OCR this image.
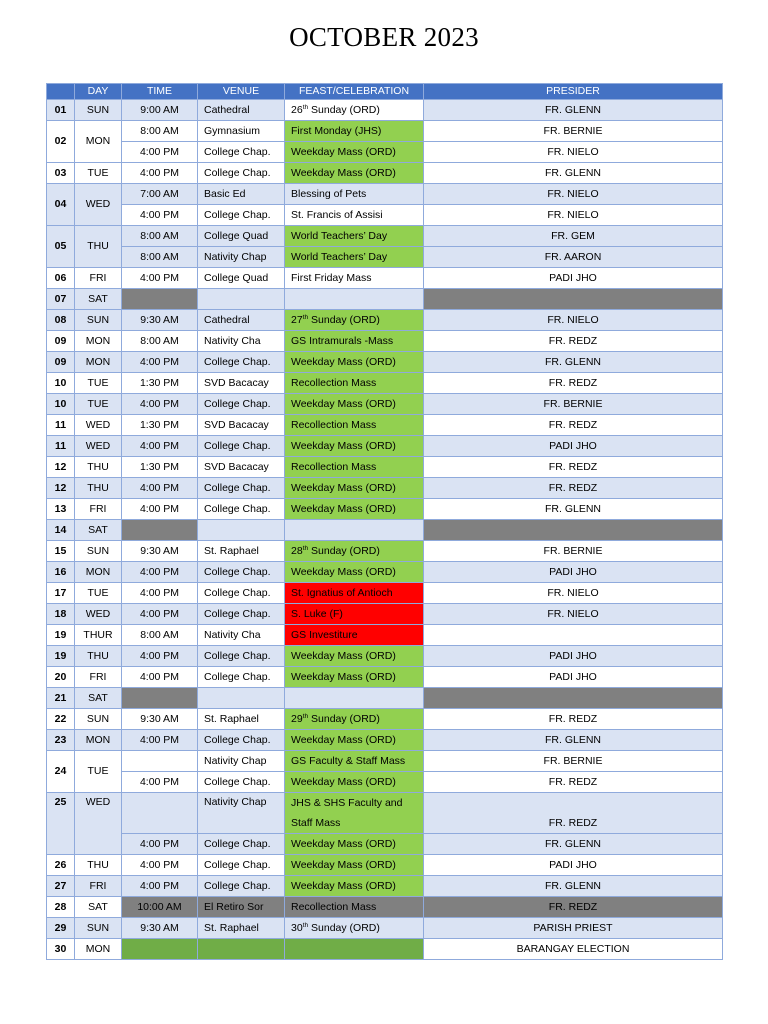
OCTOBER 2023
	DAY	TIME	VENUE	FEAST/CELEBRATION	PRESIDER
01	SUN	9:00 AM	Cathedral	26th Sunday (ORD)	FR. GLENN
02	MON	8:00 AM	Gymnasium	First Monday (JHS)	FR. BERNIE
		4:00 PM	College Chap.	Weekday Mass (ORD)	FR. NIELO
03	TUE	4:00 PM	College Chap.	Weekday Mass (ORD)	FR. GLENN
04	WED	7:00 AM	Basic Ed	Blessing of Pets	FR. NIELO
		4:00 PM	College Chap.	St. Francis of Assisi	FR. NIELO
05	THU	8:00 AM	College Quad	World Teachers’ Day	FR. GEM
		8:00 AM	Nativity Chap	World Teachers’ Day	FR. AARON
06	FRI	4:00 PM	College Quad	First Friday Mass	PADI JHO
07	SAT				
08	SUN	9:30 AM	Cathedral	27th Sunday (ORD)	FR. NIELO
09	MON	8:00 AM	Nativity Cha	GS Intramurals -Mass	FR. REDZ
09	MON	4:00 PM	College Chap.	Weekday Mass (ORD)	FR. GLENN
10	TUE	1:30 PM	SVD Bacacay	Recollection Mass	FR. REDZ
10	TUE	4:00 PM	College Chap.	Weekday Mass (ORD)	FR. BERNIE
11	WED	1:30 PM	SVD Bacacay	Recollection Mass	FR. REDZ
11	WED	4:00 PM	College Chap.	Weekday Mass (ORD)	PADI JHO
12	THU	1:30 PM	SVD Bacacay	Recollection Mass	FR. REDZ
12	THU	4:00 PM	College Chap.	Weekday Mass (ORD)	FR. REDZ
13	FRI	4:00 PM	College Chap.	Weekday Mass (ORD)	FR. GLENN
14	SAT				
15	SUN	9:30 AM	St. Raphael	28th Sunday (ORD)	FR. BERNIE
16	MON	4:00 PM	College Chap.	Weekday Mass (ORD)	PADI JHO
17	TUE	4:00 PM	College Chap.	St. Ignatius of Antioch	FR. NIELO
18	WED	4:00 PM	College Chap.	S. Luke (F)	FR. NIELO
19	THUR	8:00 AM	Nativity Cha	GS Investiture	
19	THU	4:00 PM	College Chap.	Weekday Mass (ORD)	PADI JHO
20	FRI	4:00 PM	College Chap.	Weekday Mass (ORD)	PADI JHO
21	SAT				
22	SUN	9:30 AM	St. Raphael	29th Sunday (ORD)	FR. REDZ
23	MON	4:00 PM	College Chap.	Weekday Mass (ORD)	FR. GLENN
24	TUE		Nativity Chap	GS Faculty & Staff Mass	FR. BERNIE
		4:00 PM	College Chap.	Weekday Mass (ORD)	FR. REDZ
25	WED		Nativity Chap	JHS & SHS Faculty and Staff Mass	FR. REDZ
		4:00 PM	College Chap.	Weekday Mass (ORD)	FR. GLENN
26	THU	4:00 PM	College Chap.	Weekday Mass (ORD)	PADI JHO
27	FRI	4:00 PM	College Chap.	Weekday Mass (ORD)	FR. GLENN
28	SAT	10:00 AM	El Retiro Sor	Recollection Mass	FR. REDZ
29	SUN	9:30 AM	St. Raphael	30th Sunday (ORD)	PARISH PRIEST
30	MON				BARANGAY ELECTION
